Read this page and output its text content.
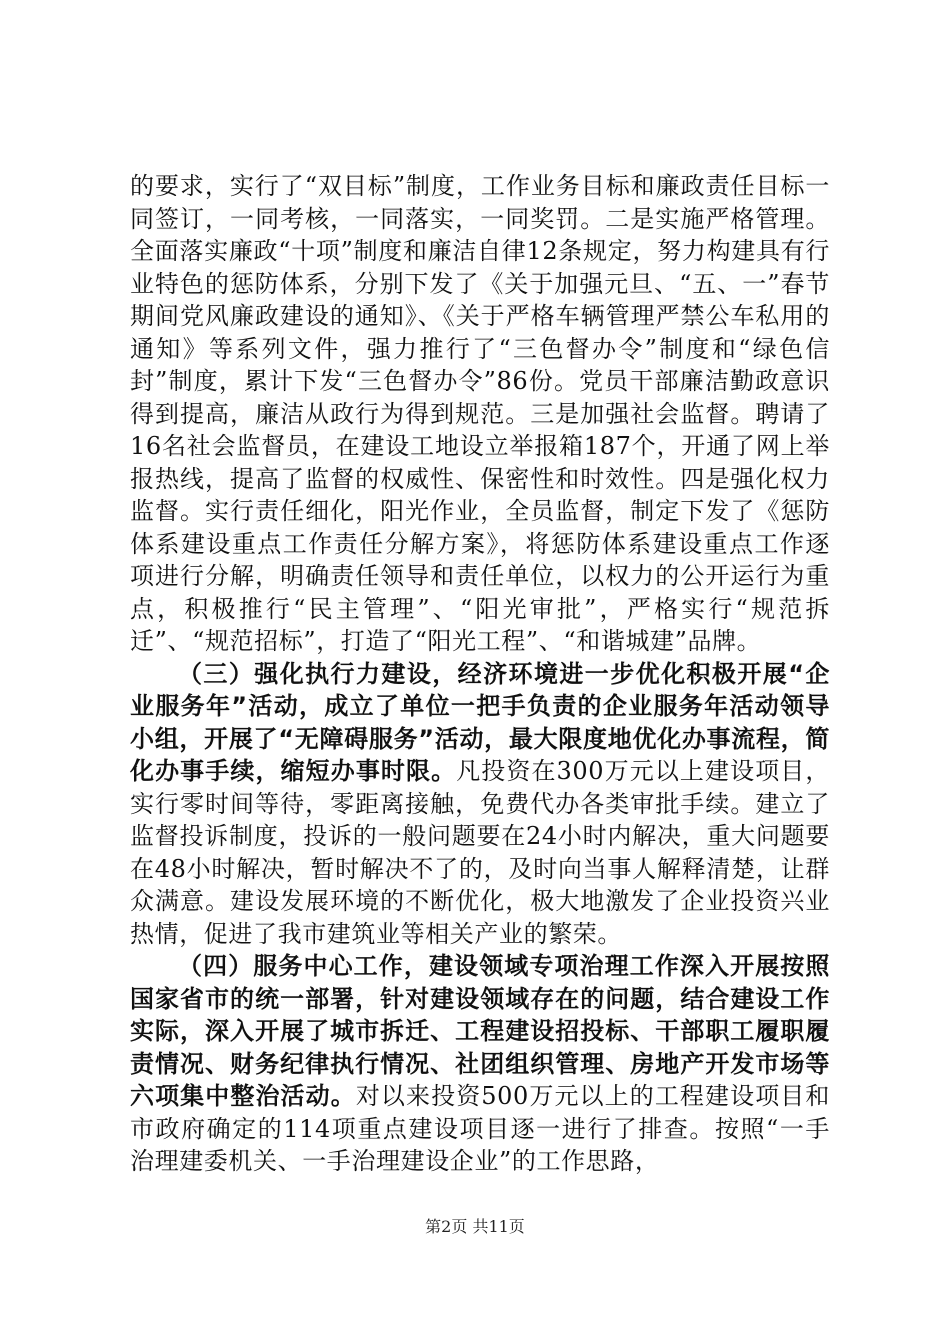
的要求，实行了“双目标”制度，工作业务目标和廉政责任目标一同签订，一同考核，一同落实，一同奖罚。二是实施严格管理。全面落实廉政“十项”制度和廉洁自律12条规定，努力构建具有行业特色的惩防体系，分别下发了《关于加强元旦、“五、一”春节期间党风廉政建设的通知》、《关于严格车辆管理严禁公车私用的通知》等系列文件，强力推行了“三色督办令”制度和“绿色信封”制度，累计下发“三色督办令”86份。党员干部廉洁勤政意识得到提高，廉洁从政行为得到规范。三是加强社会监督。聘请了16名社会监督员，在建设工地设立举报箱187个，开通了网上举报热线，提高了监督的权威性、保密性和时效性。四是强化权力监督。实行责任细化，阳光作业，全员监督，制定下发了《惩防体系建设重点工作责任分解方案》，将惩防体系建设重点工作逐项进行分解，明确责任领导和责任单位，以权力的公开运行为重点，积极推行“民主管理”、“阳光审批”，严格实行“规范拆迁”、“规范招标”，打造了“阳光工程”、“和谐城建”品牌。

（三）强化执行力建设，经济环境进一步优化积极开展“企业服务年”活动，成立了单位一把手负责的企业服务年活动领导小组，开展了“无障碍服务”活动，最大限度地优化办事流程，简化办事手续，缩短办事时限。凡投资在300万元以上建设项目，实行零时间等待，零距离接触，免费代办各类审批手续。建立了监督投诉制度，投诉的一般问题要在24小时内解决，重大问题要在48小时解决，暂时解决不了的，及时向当事人解释清楚，让群众满意。建设发展环境的不断优化，极大地激发了企业投资兴业热情，促进了我市建筑业等相关产业的繁荣。

（四）服务中心工作，建设领域专项治理工作深入开展按照国家省市的统一部署，针对建设领域存在的问题，结合建设工作实际，深入开展了城市拆迁、工程建设招投标、干部职工履职履责情况、财务纪律执行情况、社团组织管理、房地产开发市场等六项集中整治活动。对以来投资500万元以上的工程建设项目和市政府确定的114项重点建设项目逐一进行了排查。按照“一手治理建委机关、一手治理建设企业”的工作思路，

第2页 共11页
